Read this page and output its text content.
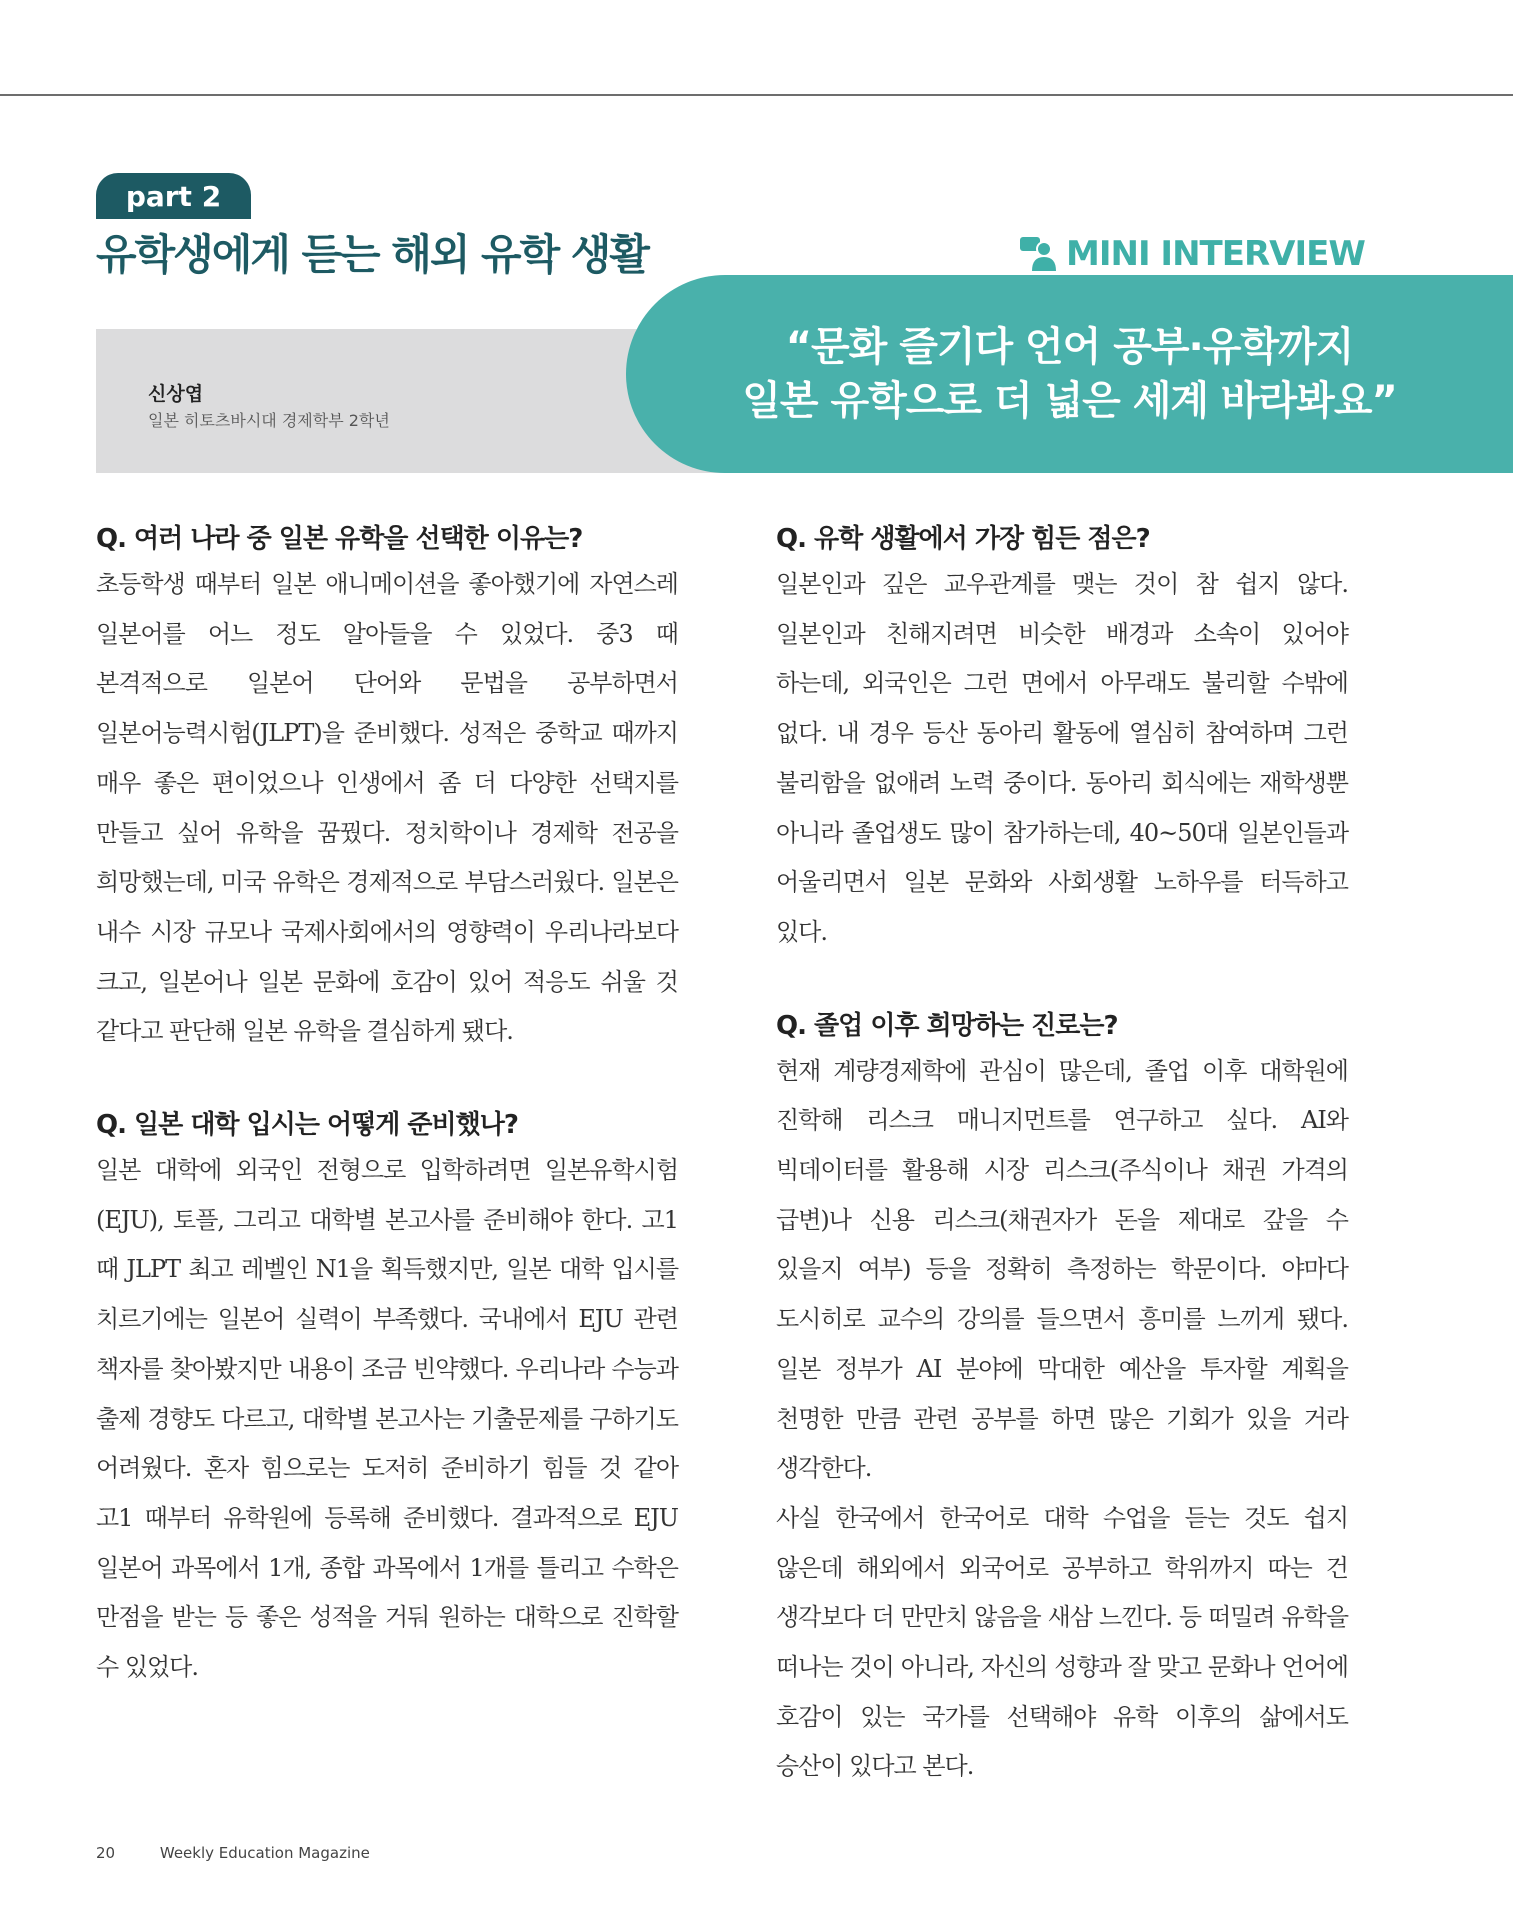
part 2
유학생에게 듣는 해외 유학 생활	MINI INTERVIEW
신상엽
일본 히토츠바시대 경제학부 2학년
“문화 즐기다 언어 공부·유학까지
일본 유학으로 더 넓은 세계 바라봐요”
Q. 여러 나라 중 일본 유학을 선택한 이유는?

초등학생 때부터 일본 애니메이션을 좋아했기에 자연스레 일본어를 어느 정도 알아들을 수 있었다. 중3 때 본격적으로 일본어 단어와 문법을 공부하면서 일본어능력시험(JLPT)을 준비했다. 성적은 중학교 때까지 매우 좋은 편이었으나 인생에서 좀 더 다양한 선택지를 만들고 싶어 유학을 꿈꿨다. 정치학이나 경제학 전공을 희망했는데, 미국 유학은 경제적으로 부담스러웠다. 일본은 내수 시장 규모나 국제사회에서의 영향력이 우리나라보다 크고, 일본어나 일본 문화에 호감이 있어 적응도 쉬울 것 같다고 판단해 일본 유학을 결심하게 됐다.

Q. 일본 대학 입시는 어떻게 준비했나?

일본 대학에 외국인 전형으로 입학하려면 일본유학시험(EJU), 토플, 그리고 대학별 본고사를 준비해야 한다. 고1 때 JLPT 최고 레벨인 N1을 획득했지만, 일본 대학 입시를 치르기에는 일본어 실력이 부족했다. 국내에서 EJU 관련 책자를 찾아봤지만 내용이 조금 빈약했다. 우리나라 수능과 출제 경향도 다르고, 대학별 본고사는 기출문제를 구하기도 어려웠다. 혼자 힘으로는 도저히 준비하기 힘들 것 같아 고1 때부터 유학원에 등록해 준비했다. 결과적으로 EJU 일본어 과목에서 1개, 종합 과목에서 1개를 틀리고 수학은 만점을 받는 등 좋은 성적을 거둬 원하는 대학으로 진학할 수 있었다.

Q. 유학 생활에서 가장 힘든 점은?

일본인과 깊은 교우관계를 맺는 것이 참 쉽지 않다. 일본인과 친해지려면 비슷한 배경과 소속이 있어야 하는데, 외국인은 그런 면에서 아무래도 불리할 수밖에 없다. 내 경우 등산 동아리 활동에 열심히 참여하며 그런 불리함을 없애려 노력 중이다. 동아리 회식에는 재학생뿐 아니라 졸업생도 많이 참가하는데, 40~50대 일본인들과 어울리면서 일본 문화와 사회생활 노하우를 터득하고 있다.

Q. 졸업 이후 희망하는 진로는?

현재 계량경제학에 관심이 많은데, 졸업 이후 대학원에 진학해 리스크 매니지먼트를 연구하고 싶다. AI와 빅데이터를 활용해 시장 리스크(주식이나 채권 가격의 급변)나 신용 리스크(채권자가 돈을 제대로 갚을 수 있을지 여부) 등을 정확히 측정하는 학문이다. 야마다 도시히로 교수의 강의를 들으면서 흥미를 느끼게 됐다. 일본 정부가 AI 분야에 막대한 예산을 투자할 계획을 천명한 만큼 관련 공부를 하면 많은 기회가 있을 거라 생각한다.

사실 한국에서 한국어로 대학 수업을 듣는 것도 쉽지 않은데 해외에서 외국어로 공부하고 학위까지 따는 건 생각보다 더 만만치 않음을 새삼 느낀다. 등 떠밀려 유학을 떠나는 것이 아니라, 자신의 성향과 잘 맞고 문화나 언어에 호감이 있는 국가를 선택해야 유학 이후의 삶에서도 승산이 있다고 본다.

20	Weekly Education Magazine
